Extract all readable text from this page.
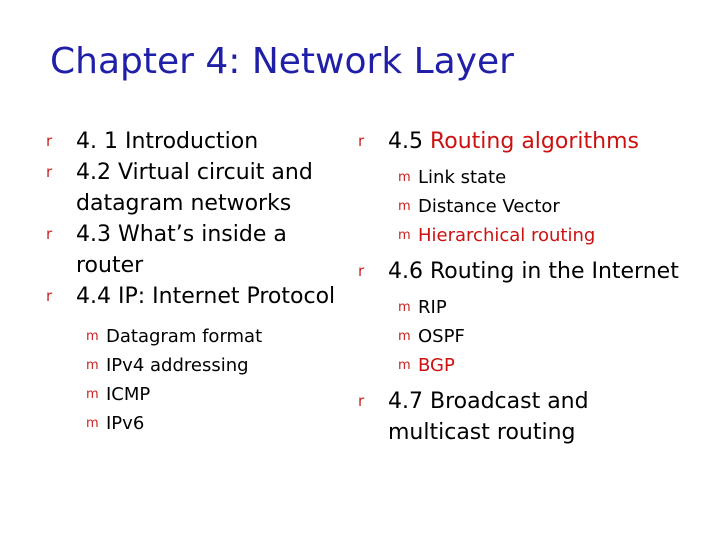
Chapter 4: Network Layer
r	4. 1 Introduction
r	4.2 Virtual circuit and datagram networks
r	4.3 What’s inside a router
r	4.4 IP: Internet Protocol
m Datagram format
m IPv4 addressing
m ICMP
m IPv6
r	4.5 Routing algorithms
m Link state
m Distance Vector
m Hierarchical routing
r	4.6 Routing in the Internet
m RIP
m OSPF
m BGP
r	4.7 Broadcast and multicast routing
